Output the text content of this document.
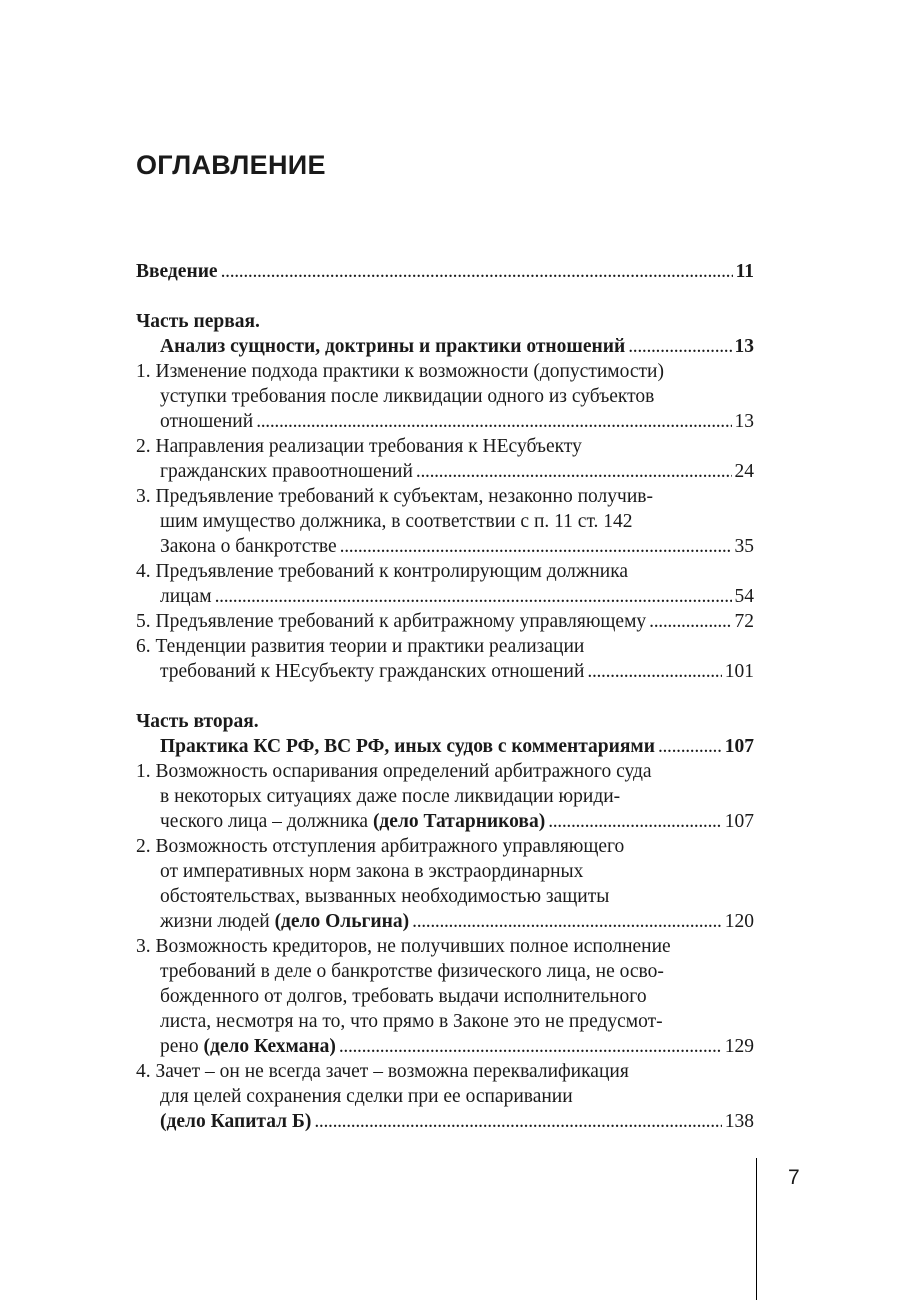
ОГЛАВЛЕНИЕ
Введение . . .	11
Часть первая.
Анализ сущности, доктрины и практики отношений . . .	13
1. Изменение подхода практики к возможности (допустимости)
уступки требования после ликвидации одного из субъектов
отношений . . .	13
2. Направления реализации требования к НЕсубъекту
гражданских правоотношений . . .	24
3. Предъявление требований к субъектам, незаконно получив-
шим имущество должника, в соответствии с п. 11 ст. 142
Закона о банкротстве . . .	35
4. Предъявление требований к контролирующим должника
лицам . . .	54
5. Предъявление требований к арбитражному управляющему . . .	72
6. Тенденции развития теории и практики реализации
требований к НЕсубъекту гражданских отношений . . .	101
Часть вторая.
Практика КС РФ, ВС РФ, иных судов с комментариями . . .	107
1. Возможность оспаривания определений арбитражного суда
в некоторых ситуациях даже после ликвидации юриди-
ческого лица – должника
(дело Татарникова) . . .	107
2. Возможность отступления арбитражного управляющего
от императивных норм закона в экстраординарных
обстоятельствах, вызванных необходимостью защиты
жизни людей
(дело Ольгина) . . .	120
3. Возможность кредиторов, не получивших полное исполнение
требований в деле о банкротстве физического лица, не осво-
божденного от долгов, требовать выдачи исполнительного
листа, несмотря на то, что прямо в Законе это не предусмот-
рено
(дело Кехмана) . . .	129
4. Зачет – он не всегда зачет – возможна переквалификация
для целей сохранения сделки при ее оспаривании
(дело Капитал Б) . . .	138
7
